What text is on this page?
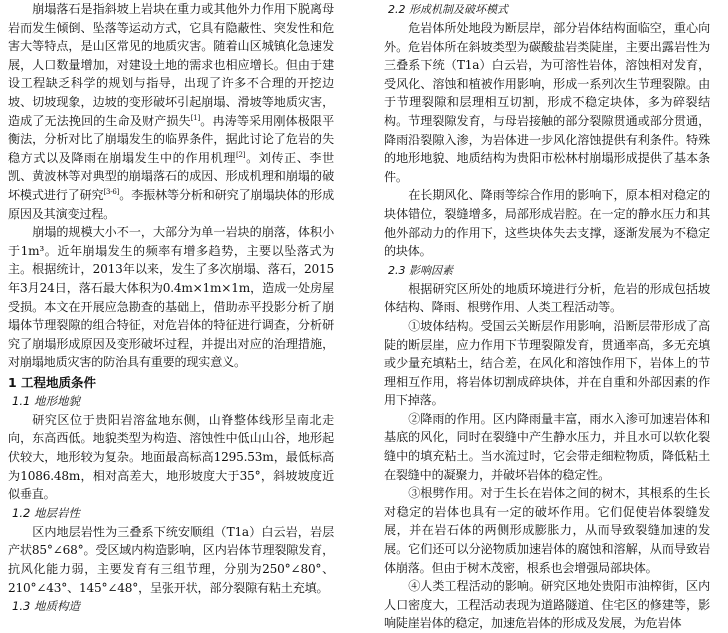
崩塌落石是指斜坡上岩块在重力或其他外力作用下脱离母岩而发生倾倒、坠落等运动方式，它具有隐蔽性、突发性和危害大等特点，是山区常见的地质灾害。随着山区城镇化急速发展，人口数量增加，对建设土地的需求也相应增长。但由于建设工程缺乏科学的规划与指导，出现了许多不合理的开挖边坡、切坡现象，边坡的变形破坏引起崩塌、滑坡等地质灾害，造成了无法挽回的生命及财产损失[1]。冉涛等采用刚体极限平衡法，分析对比了崩塌发生的临界条件，据此讨论了危岩的失稳方式以及降雨在崩塌发生中的作用机理[2]。刘传正、李世凯、黄波林等对典型的崩塌落石的成因、形成机理和崩塌的破坏模式进行了研究[3-6]。李振林等分析和研究了崩塌块体的形成原因及其演变过程。

崩塌的规模大小不一，大部分为单一岩块的崩落，体积小于1m³。近年崩塌发生的频率有增多趋势，主要以坠落式为主。根据统计，2013年以来，发生了多次崩塌、落石，2015年3月24日，落石最大体积为0.4m×1m×1m，造成一处房屋受损。本文在开展应急勘查的基础上，借助赤平投影分析了崩塌体节理裂隙的组合特征，对危岩体的特征进行调查，分析研究了崩塌形成原因及变形破坏过程，并提出对应的治理措施，对崩塌地质灾害的防治具有重要的现实意义。

1 工程地质条件
1.1 地形地貌

研究区位于贵阳岩溶盆地东侧，山脊整体线形呈南北走向，东高西低。地貌类型为构造、溶蚀性中低山山谷，地形起伏较大，地形较为复杂。地面最高标高1295.53m，最低标高为1086.48m，相对高差大，地形坡度大于35°，斜坡坡度近似垂直。

1.2 地层岩性

区内地层岩性为三叠系下统安顺组（T1a）白云岩，岩层产状85°∠68°。受区域内构造影响，区内岩体节理裂隙发育，抗风化能力弱，主要发育有三组节理，分别为250°∠80°、210°∠43°、145°∠48°，呈张开状，部分裂隙有粘土充填。

1.3 地质构造
2.2 形成机制及破坏模式

危岩体所处地段为断层岸，部分岩体结构面临空，重心向外。危岩体所在斜坡类型为碳酸盐岩类陡崖，主要出露岩性为三叠系下统（T1a）白云岩，为可溶性岩体，溶蚀相对发育，受风化、溶蚀和植被作用影响，形成一系列次生节理裂隙。由于节理裂隙和层理相互切割，形成不稳定块体，多为碎裂结构。节理裂隙发育，与母岩接触的部分裂隙贯通或部分贯通，降雨沿裂隙入渗，为岩体进一步风化溶蚀提供有利条件。特殊的地形地貌、地质结构为贵阳市松林村崩塌形成提供了基本条件。

在长期风化、降雨等综合作用的影响下，原本相对稳定的块体错位，裂缝增多，局部形成岩腔。在一定的静水压力和其他外部动力的作用下，这些块体失去支撑，逐渐发展为不稳定的块体。

2.3 影响因素

根据研究区所处的地质环境进行分析，危岩的形成包括坡体结构、降雨、根劈作用、人类工程活动等。

①坡体结构。受国云关断层作用影响，沿断层带形成了高陡的断层崖，应力作用下节理裂隙发育，贯通率高，多无充填或少量充填粘土，结合差，在风化和溶蚀作用下，岩体上的节理相互作用，将岩体切割成碎块体，并在自重和外部因素的作用下掉落。

②降雨的作用。区内降雨量丰富，雨水入渗可加速岩体和基底的风化，同时在裂缝中产生静水压力，并且水可以软化裂缝中的填充粘土。当水流过时，它会带走细粒物质，降低粘土在裂缝中的凝聚力，并破坏岩体的稳定性。

③根劈作用。对于生长在岩体之间的树木，其根系的生长对稳定的岩体也具有一定的破坏作用。它们促使岩体裂缝发展，并在岩石体的两侧形成膨胀力，从而导致裂缝加速的发展。它们还可以分泌物质加速岩体的腐蚀和溶解，从而导致岩体崩落。但由于树木茂密，根系也会增强局部块体。

④人类工程活动的影响。研究区地处贵阳市油榨街，区内人口密度大，工程活动表现为道路隧道、住宅区的修建等，影响陡崖岩体的稳定，加速危岩体的形成及发展，为危岩体
